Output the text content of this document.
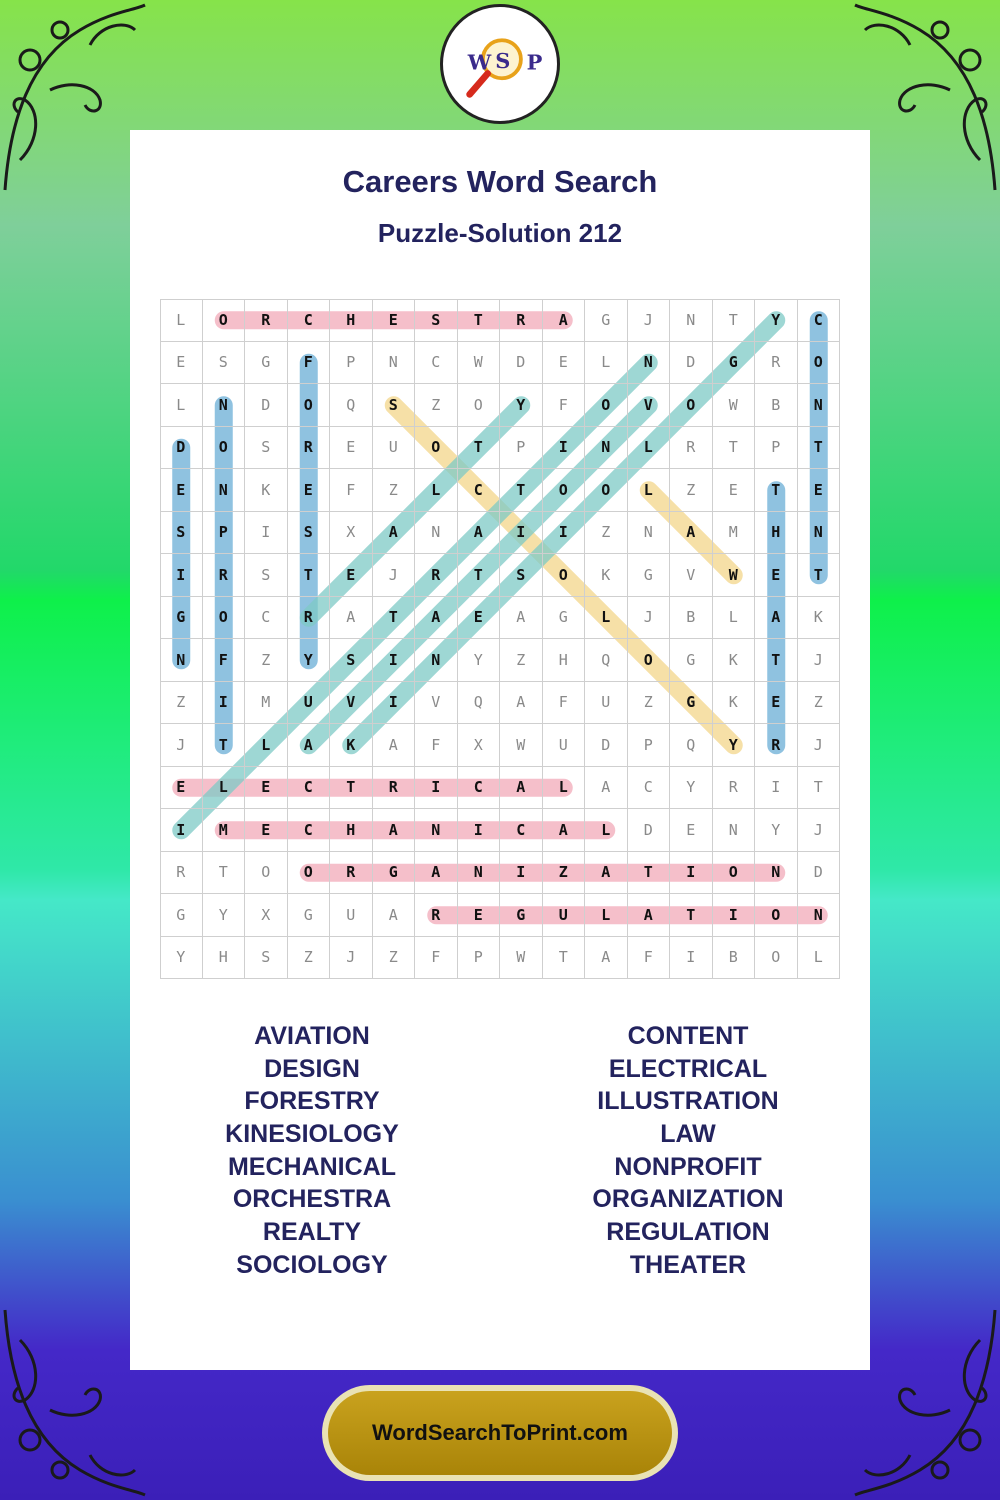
W S P
Careers Word Search
Puzzle-Solution 212
L	O	R	C	H	E	S	T	R	A	G	J	N	T	Y	C
E	S	G	F	P	N	C	W	D	E	L	N	D	G	R	O
L	N	D	O	Q	S	Z	O	Y	F	O	V	O	W	B	N
D	O	S	R	E	U	O	T	P	I	N	L	R	T	P	T
E	N	K	E	F	Z	L	C	T	O	O	L	Z	E	T	E
S	P	I	S	X	A	N	A	I	I	Z	N	A	M	H	N
I	R	S	T	E	J	R	T	S	O	K	G	V	W	E	T
G	O	C	R	A	T	A	E	A	G	L	J	B	L	A	K
N	F	Z	Y	S	I	N	Y	Z	H	Q	O	G	K	T	J
Z	I	M	U	V	I	V	Q	A	F	U	Z	G	K	E	Z
J	T	L	A	K	A	F	X	W	U	D	P	Q	Y	R	J
E	L	E	C	T	R	I	C	A	L	A	C	Y	R	I	T
I	M	E	C	H	A	N	I	C	A	L	D	E	N	Y	J
R	T	O	O	R	G	A	N	I	Z	A	T	I	O	N	D
G	Y	X	G	U	A	R	E	G	U	L	A	T	I	O	N
Y	H	S	Z	J	Z	F	P	W	T	A	F	I	B	O	L
AVIATION
DESIGN
FORESTRY
KINESIOLOGY
MECHANICAL
ORCHESTRA
REALTY
SOCIOLOGY
CONTENT
ELECTRICAL
ILLUSTRATION
LAW
NONPROFIT
ORGANIZATION
REGULATION
THEATER
WordSearchToPrint.com
